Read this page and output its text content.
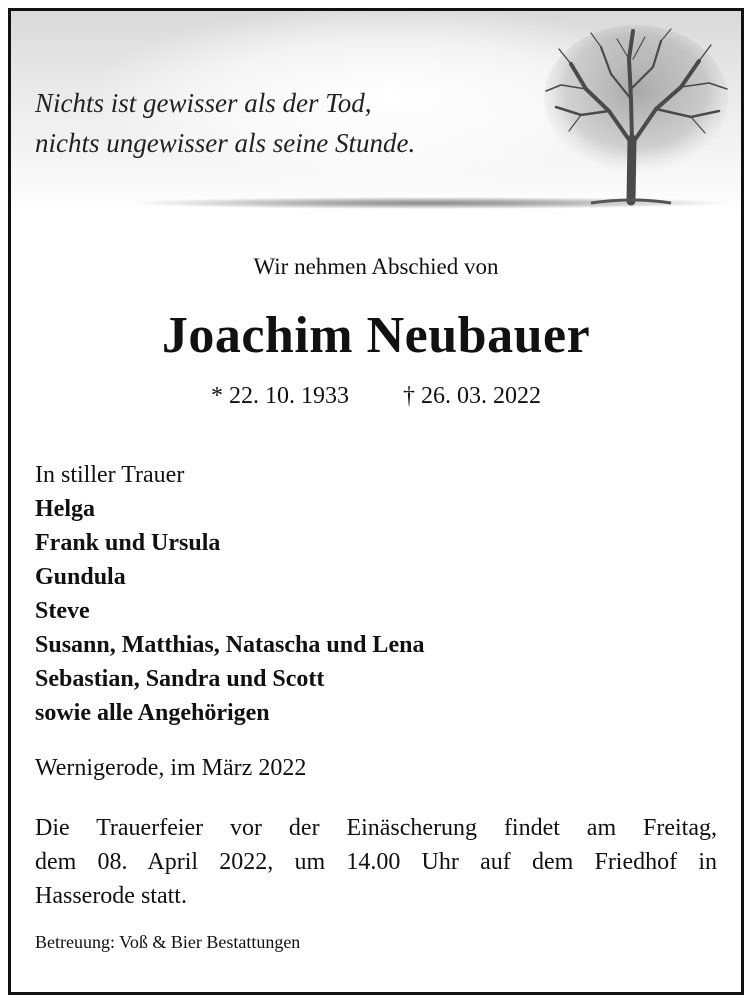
Nichts ist gewisser als der Tod,
nichts ungewisser als seine Stunde.
Wir nehmen Abschied von
Joachim Neubauer
* 22. 10. 1933 † 26. 03. 2022
In stiller Trauer
Helga
Frank und Ursula
Gundula
Steve
Susann, Matthias, Natascha und Lena
Sebastian, Sandra und Scott
sowie alle Angehörigen
Wernigerode, im März 2022
Die Trauerfeier vor der Einäscherung findet am Freitag,
dem 08. April 2022, um 14.00 Uhr auf dem Friedhof in
Hasserode statt.
Betreuung: Voß & Bier Bestattungen
